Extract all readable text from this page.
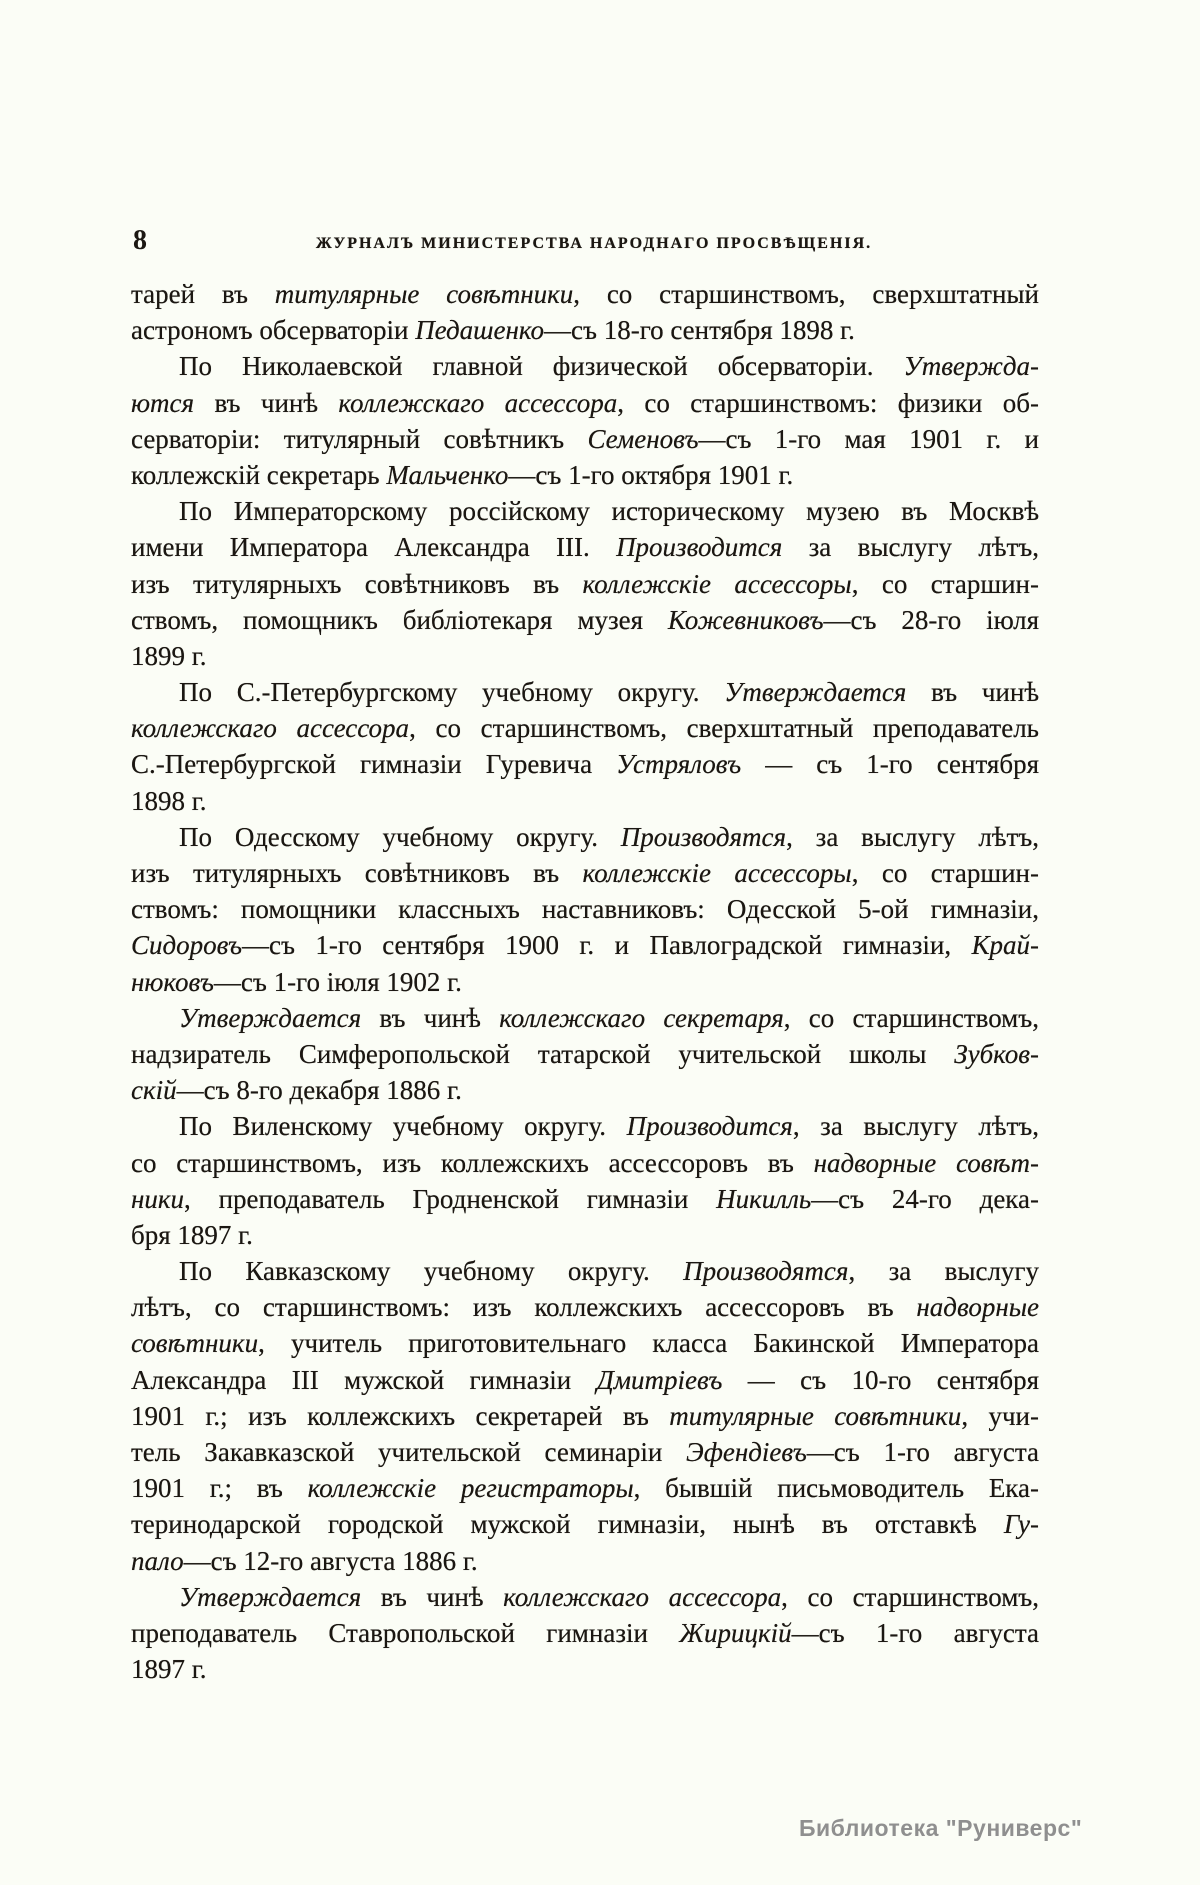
8	ЖУРНАЛЪ МИНИСТЕРСТВА НАРОДНАГО ПРОСВѢЩЕНІЯ.
тарей въ титулярные совѣтники, со старшинствомъ, сверхштатный
астрономъ обсерваторіи Педашенко—съ 18-го сентября 1898 г.
По Николаевской главной физической обсерваторіи. Утвержда-
ются въ чинѣ коллежскаго ассессора, со старшинствомъ: физики об-
серваторіи: титулярный совѣтникъ Семеновъ—съ 1-го мая 1901 г. и
коллежскій секретарь Мальченко—съ 1-го октября 1901 г.
По Императорскому россійскому историческому музею въ Москвѣ
имени Императора Александра III. Производится за выслугу лѣтъ,
изъ титулярныхъ совѣтниковъ въ коллежскіе ассессоры, со старшин-
ствомъ, помощникъ библіотекаря музея Кожевниковъ—съ 28-го іюля
1899 г.
По С.-Петербургскому учебному округу. Утверждается въ чинѣ
коллежскаго ассессора, со старшинствомъ, сверхштатный преподаватель
С.-Петербургской гимназіи Гуревича Устряловъ — съ 1-го сентября
1898 г.
По Одесскому учебному округу. Производятся, за выслугу лѣтъ,
изъ титулярныхъ совѣтниковъ въ коллежскіе ассессоры, со старшин-
ствомъ: помощники классныхъ наставниковъ: Одесской 5-ой гимназіи,
Сидоровъ—съ 1-го сентября 1900 г. и Павлоградской гимназіи, Край-
нюковъ—съ 1-го іюля 1902 г.
Утверждается въ чинѣ коллежскаго секретаря, со старшинствомъ,
надзиратель Симферопольской татарской учительской школы Зубков-
скій—съ 8-го декабря 1886 г.
По Виленскому учебному округу. Производится, за выслугу лѣтъ,
со старшинствомъ, изъ коллежскихъ ассессоровъ въ надворные совѣт-
ники, преподаватель Гродненской гимназіи Никилль—съ 24-го дека-
бря 1897 г.
По Кавказскому учебному округу. Производятся, за выслугу
лѣтъ, со старшинствомъ: изъ коллежскихъ ассессоровъ въ надворные
совѣтники, учитель приготовительнаго класса Бакинской Императора
Александра III мужской гимназіи Дмитріевъ — съ 10-го сентября
1901 г.; изъ коллежскихъ секретарей въ титулярные совѣтники, учи-
тель Закавказской учительской семинаріи Эфендіевъ—съ 1-го августа
1901 г.; въ коллежскіе регистраторы, бывшій письмоводитель Ека-
теринодарской городской мужской гимназіи, нынѣ въ отставкѣ Гу-
пало—съ 12-го августа 1886 г.
Утверждается въ чинѣ коллежскаго ассессора, со старшинствомъ,
преподаватель Ставропольской гимназіи Жирицкій—съ 1-го августа
1897 г.
Библиотека "Руниверс"
